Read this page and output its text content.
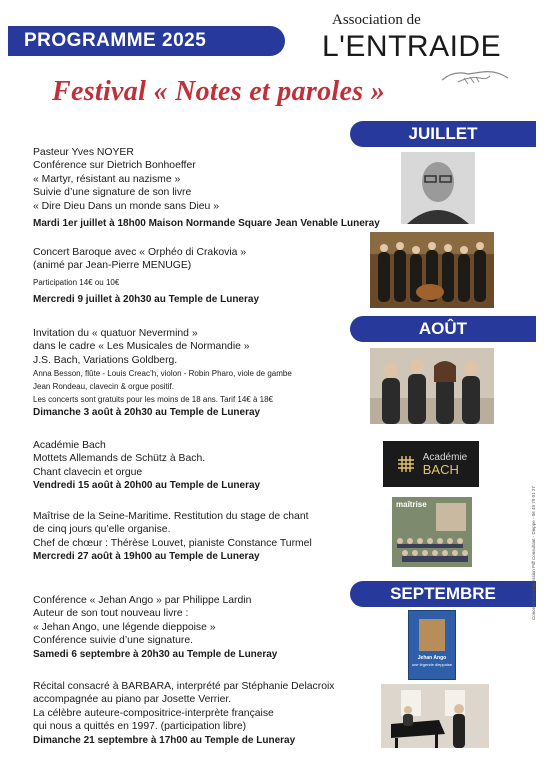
PROGRAMME 2025
Association de
L'ENTRAIDE
Festival « Notes et paroles »
JUILLET
AOÛT
SEPTEMBRE
Pasteur Yves NOYER
Conférence sur Dietrich Bonhoeffer
« Martyr, résistant au nazisme »
Suivie d’une signature de son livre
« Dire Dieu Dans un monde sans Dieu »
Mardi 1er juillet à 18h00 Maison Normande Square Jean Venable Luneray
Concert Baroque avec « Orphéo di Crakovia »
(animé par Jean-Pierre MENUGE)
Participation 14€ ou 10€
Mercredi 9 juillet à 20h30 au Temple de Luneray
Invitation du « quatuor Nevermind »
dans le cadre « Les Musicales de Normandie »
J.S. Bach, Variations Goldberg.
Anna Besson, flûte - Louis Creac’h, violon - Robin Pharo, viole de gambe
Jean Rondeau, clavecin & orgue positif.
Les concerts sont gratuits pour les moins de 18 ans. Tarif 14€ à 18€
Dimanche 3 août à 20h30 au Temple de Luneray
Académie Bach
Mottets Allemands de Schütz à Bach.
Chant clavecin et orgue
Vendredi 15 août à 20h00 au Temple de Luneray
Maîtrise de la Seine-Maritime. Restitution du stage de chant
de cinq jours qu’elle organise.
Chef de chœur : Thérèse Louvet, pianiste Constance Turmel
Mercredi 27 août à 19h00 au Temple de Luneray
Conférence « Jehan Ango » par Philippe Lardin
Auteur de son tout nouveau livre :
« Jehan Ango, une légende dieppoise »
Conférence suivie d’une signature.
Samedi 6 septembre à 20h30 au Temple de Luneray
Récital consacré à BARBARA, interprété par Stéphanie Delacroix
accompagnée au piano par Josette Verrier.
La célèbre auteure-compositrice-interprète française
qui nous a quittés en 1997. (participation libre)
Dimanche 21 septembre à 17h00 au Temple de Luneray
Académie
BACH
maîtrise
Jehan Ango
une légende dieppoise
Conception et impression Pdf Consultant - Dieppe - 06 49 79 01 27
